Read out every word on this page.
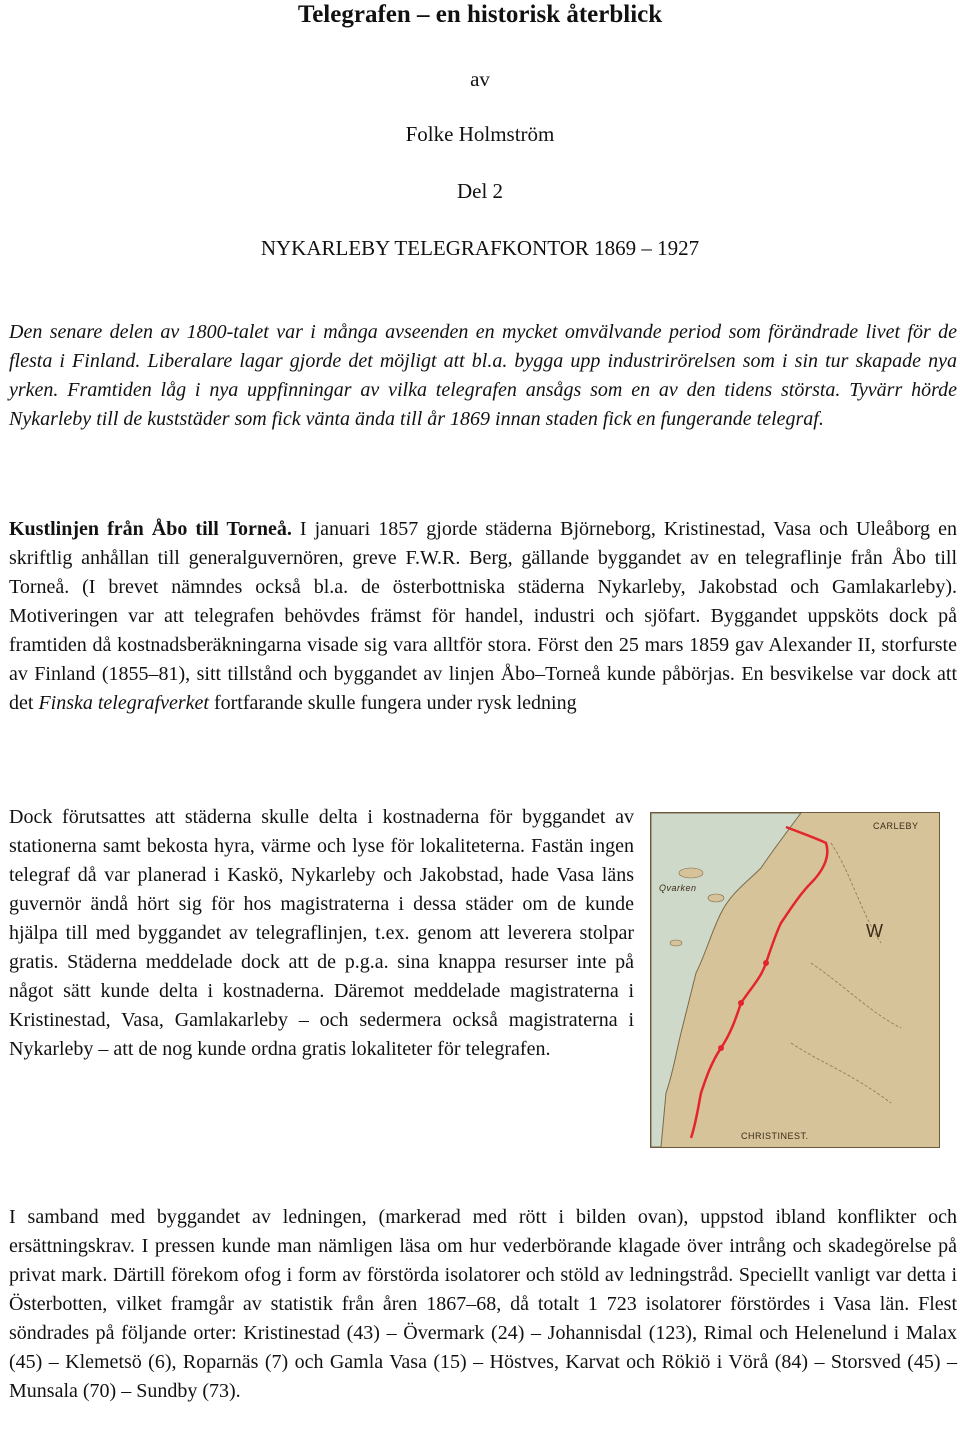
Telegrafen – en historisk återblick
av
Folke Holmström
Del 2
NYKARLEBY TELEGRAFKONTOR 1869 – 1927

Den senare delen av 1800-talet var i många avseenden en mycket omvälvande period som förändrade livet för de flesta i Finland. Liberalare lagar gjorde det möjligt att bl.a. bygga upp industrirörelsen som i sin tur skapade nya yrken. Framtiden låg i nya uppfinningar av vilka telegrafen ansågs som en av den tidens största. Tyvärr hörde Nykarleby till de kuststäder som fick vänta ända till år 1869 innan staden fick en fungerande telegraf.

Kustlinjen från Åbo till Torneå. I januari 1857 gjorde städerna Björneborg, Kristinestad, Vasa och Uleåborg en skriftlig anhållan till generalguvernören, greve F.W.R. Berg, gällande byggandet av en telegraflinje från Åbo till Torneå. (I brevet nämndes också bl.a. de österbottniska städerna Nykarleby, Jakobstad och Gamlakarleby). Motiveringen var att telegrafen behövdes främst för handel, industri och sjöfart. Byggandet uppsköts dock på framtiden då kostnadsberäkningarna visade sig vara alltför stora. Först den 25 mars 1859 gav Alexander II, storfurste av Finland (1855–81), sitt tillstånd och byggandet av linjen Åbo–Torneå kunde påbörjas. En besvikelse var dock att det Finska telegrafverket fortfarande skulle fungera under rysk ledning

Dock förutsattes att städerna skulle delta i kostnaderna för byggandet av stationerna samt bekosta hyra, värme och lyse för lokaliteterna. Fastän ingen telegraf då var planerad i Kaskö, Nykarleby och Jakobstad, hade Vasa läns guvernör ändå hört sig för hos magistraterna i dessa städer om de kunde hjälpa till med byggandet av telegraflinjen, t.ex. genom att leverera stolpar gratis. Städerna meddelade dock att de p.g.a. sina knappa resurser inte på något sätt kunde delta i kostnaderna. Däremot meddelade magistraterna i Kristinestad, Vasa, Gamlakarleby – och sedermera också magistraterna i Nykarleby – att de nog kunde ordna gratis lokaliteter för telegrafen.

CARLEBY
Qvarken
W
CHRISTINEST.

I samband med byggandet av ledningen, (markerad med rött i bilden ovan), uppstod ibland konflikter och ersättningskrav. I pressen kunde man nämligen läsa om hur vederbörande klagade över intrång och skadegörelse på privat mark. Därtill förekom ofog i form av förstörda isolatorer och stöld av ledningstråd. Speciellt vanligt var detta i Österbotten, vilket framgår av statistik från åren 1867–68, då totalt 1 723 isolatorer förstördes i Vasa län. Flest söndrades på följande orter: Kristinestad (43) – Övermark (24) – Johannisdal (123), Rimal och Helenelund i Malax (45) – Klemetsö (6), Roparnäs (7) och Gamla Vasa (15) – Höstves, Karvat och Rökiö i Vörå (84) – Storsved (45) – Munsala (70) – Sundby (73).
